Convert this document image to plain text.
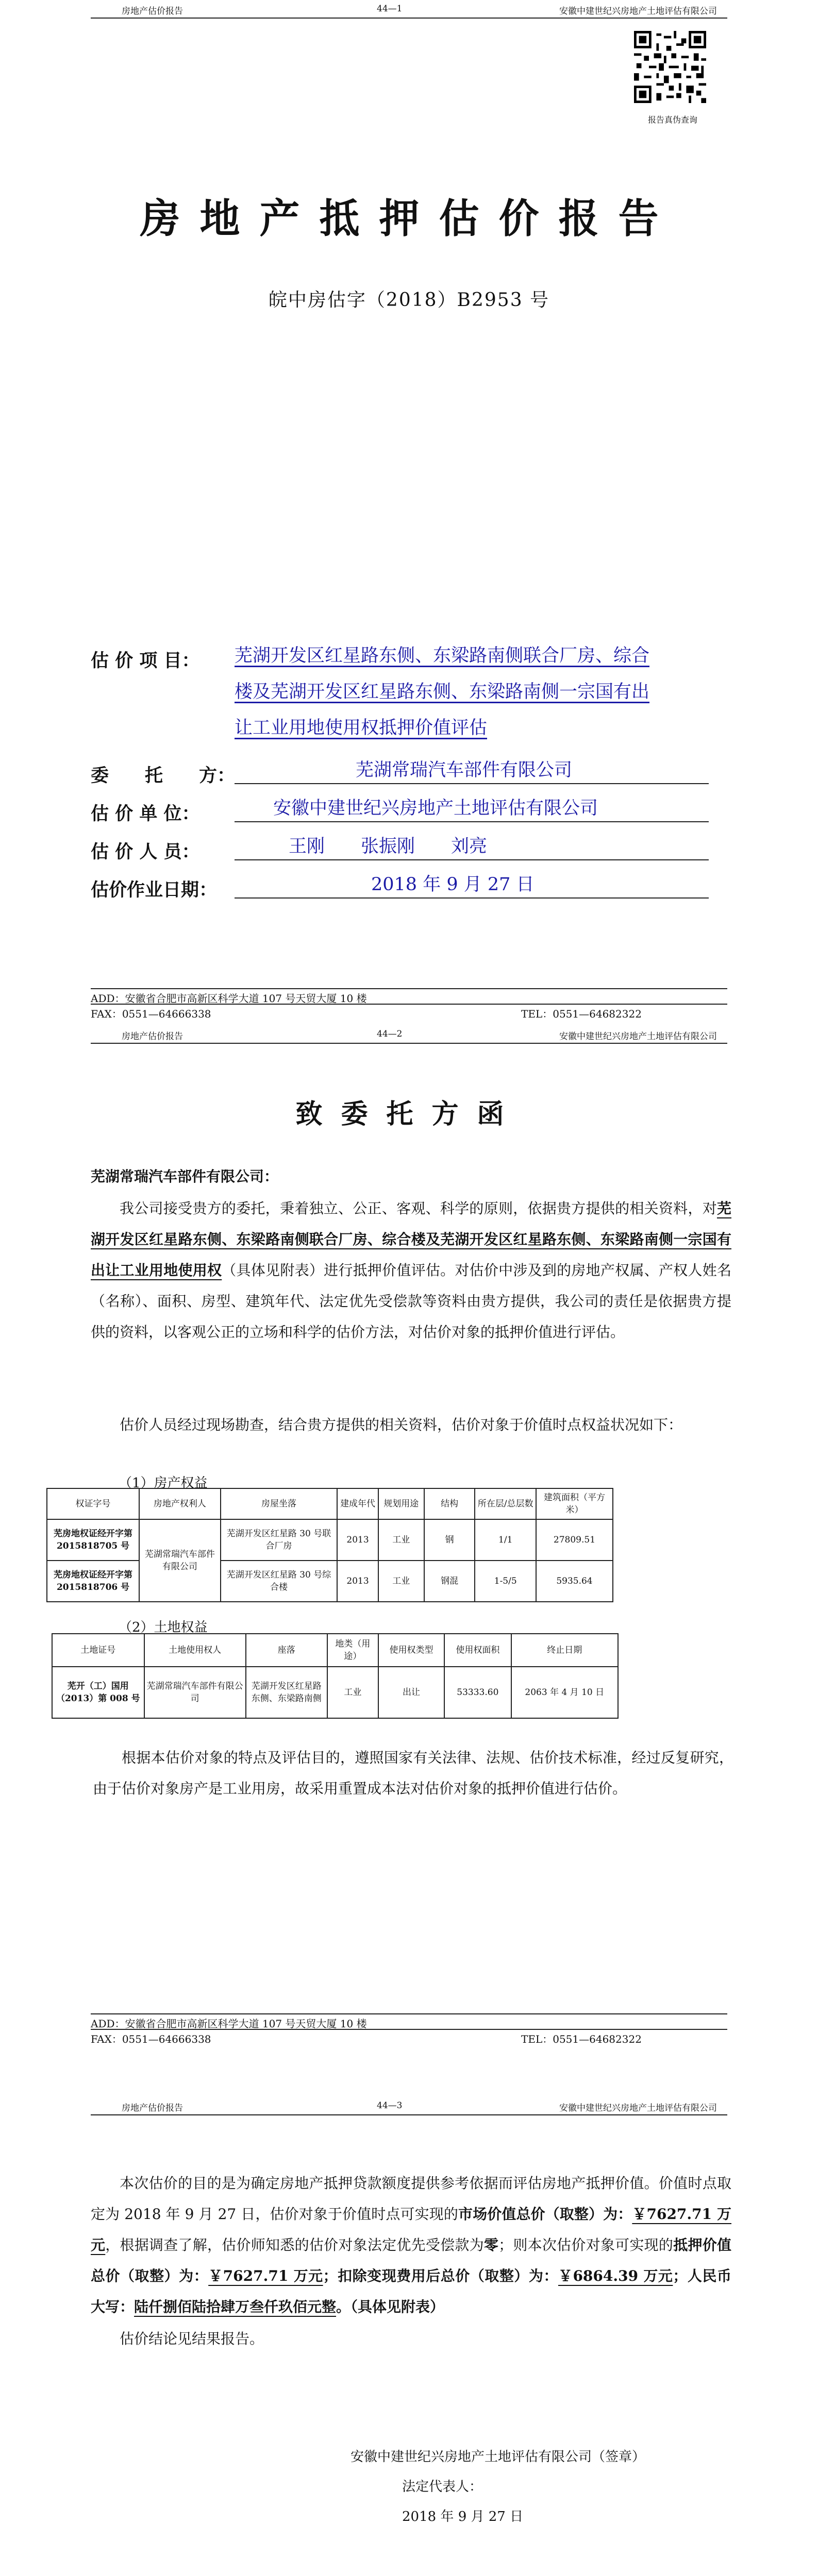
房地产估价报告	44—1	安徽中建世纪兴房地产土地评估有限公司
报告真伪查询
房地产抵押估价报告
皖中房估字（2018）B2953 号
估 价 项 目： 芜湖开发区红星路东侧、东梁路南侧联合厂房、综合
楼及芜湖开发区红星路东侧、东梁路南侧一宗国有出
让工业用地使用权抵押价值评估
委　　托　　方：	芜湖常瑞汽车部件有限公司
估 价 单 位：	安徽中建世纪兴房地产土地评估有限公司
估 价 人 员：	王刚　　张振刚　　刘亮
估价作业日期：	2018 年 9 月 27 日
ADD：安徽省合肥市高新区科学大道 107 号天贸大厦 10 楼
FAX：0551—64666338	TEL：0551—64682322
房地产估价报告	44—2	安徽中建世纪兴房地产土地评估有限公司
致委托方函
芜湖常瑞汽车部件有限公司：
我公司接受贵方的委托，秉着独立、公正、客观、科学的原则，依据贵方提供的相关资料，对芜湖开发区红星路东侧、东梁路南侧联合厂房、综合楼及芜湖开发区红星路东侧、东梁路南侧一宗国有出让工业用地使用权（具体见附表）进行抵押价值评估。对估价中涉及到的房地产权属、产权人姓名（名称）、面积、房型、建筑年代、法定优先受偿款等资料由贵方提供，我公司的责任是依据贵方提供的资料，以客观公正的立场和科学的估价方法，对估价对象的抵押价值进行评估。
估价人员经过现场勘查，结合贵方提供的相关资料，估价对象于价值时点权益状况如下：
（1）房产权益
权证字号	房地产权利人	房屋坐落	建成年代	规划用途	结构	所在层/总层数	建筑面积（平方米）
芜房地权证经开字第 2015818705 号	芜湖常瑞汽车部件有限公司	芜湖开发区红星路 30 号联合厂房	2013	工业	钢	1/1	27809.51
芜房地权证经开字第 2015818706 号		芜湖开发区红星路 30 号综合楼	2013	工业	钢混	1-5/5	5935.64
（2）土地权益
土地证号	土地使用权人	座落	地类（用途）	使用权类型	使用权面积	终止日期
芜开（工）国用（2013）第 008 号	芜湖常瑞汽车部件有限公司	芜湖开发区红星路东侧、东梁路南侧	工业	出让	53333.60	2063 年 4 月 10 日
根据本估价对象的特点及评估目的，遵照国家有关法律、法规、估价技术标准，经过反复研究，由于估价对象房产是工业用房，故采用重置成本法对估价对象的抵押价值进行估价。
ADD：安徽省合肥市高新区科学大道 107 号天贸大厦 10 楼
FAX：0551—64666338	TEL：0551—64682322
房地产估价报告	44—3	安徽中建世纪兴房地产土地评估有限公司
本次估价的目的是为确定房地产抵押贷款额度提供参考依据而评估房地产抵押价值。价值时点取定为 2018 年 9 月 27 日，估价对象于价值时点可实现的市场价值总价（取整）为：￥7627.71 万元，根据调查了解，估价师知悉的估价对象法定优先受偿款为零；则本次估价对象可实现的抵押价值总价（取整）为：￥7627.71 万元；扣除变现费用后总价（取整）为：￥6864.39 万元；人民币大写：陆仟捌佰陆拾肆万叁仟玖佰元整。（具体见附表）
估价结论见结果报告。
安徽中建世纪兴房地产土地评估有限公司（签章）
法定代表人：
2018 年 9 月 27 日
